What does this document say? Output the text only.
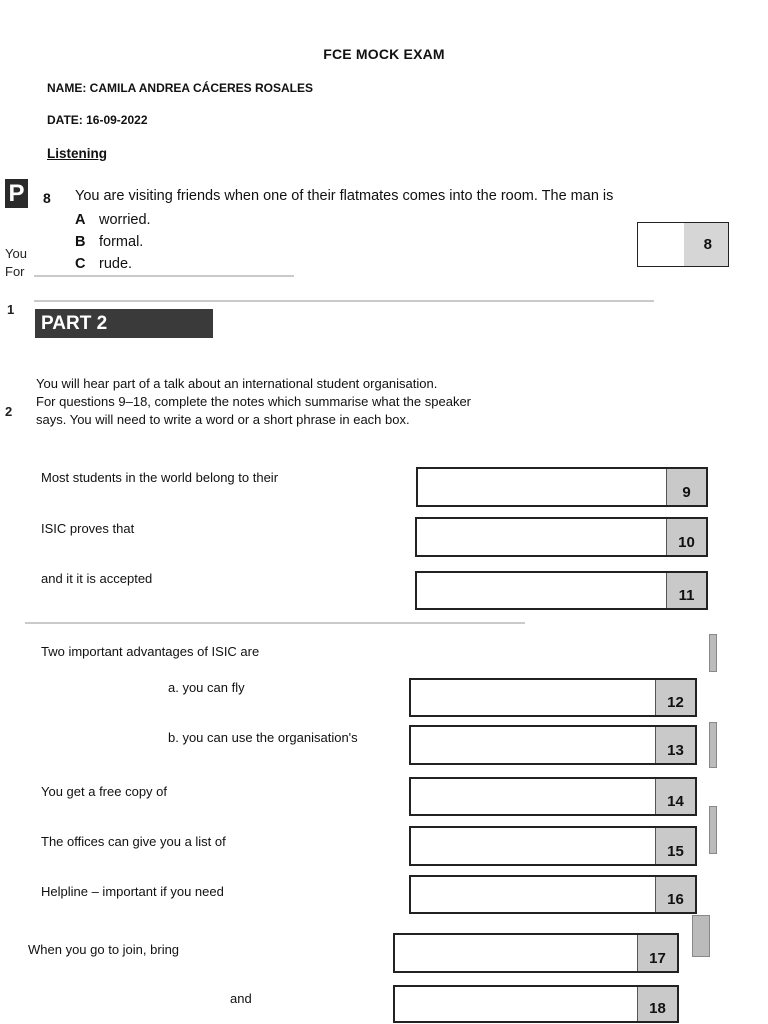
FCE MOCK EXAM
NAME: CAMILA ANDREA CÁCERES ROSALES
DATE: 16-09-2022
Listening
P
You
For
1
2
8 You are visiting friends when one of their flatmates comes into the room. The man is
A worried.
B formal.
C rude.
8
PART 2
You will hear part of a talk about an international student organisation.
For questions 9–18, complete the notes which summarise what the speaker
says. You will need to write a word or a short phrase in each box.
Most students in the world belong to their
9
ISIC proves that
10
and it it is accepted
11
Two important advantages of ISIC are
a. you can fly
12
b. you can use the organisation's
13
You get a free copy of
14
The offices can give you a list of
15
Helpline – important if you need	16
When you go to join, bring
17
and
18
